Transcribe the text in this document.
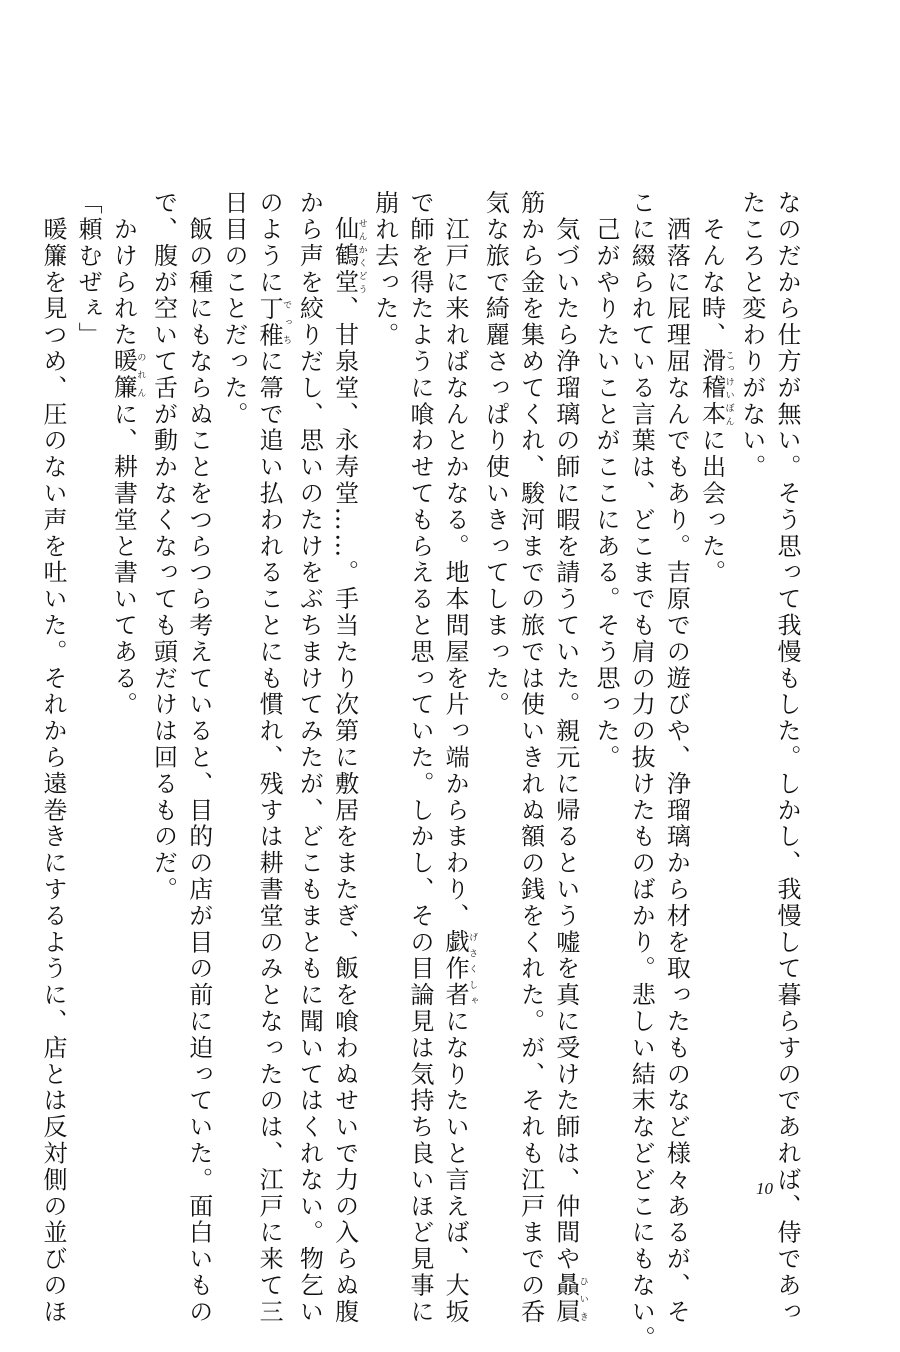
なのだから仕方が無い。そう思って我慢もした。しかし、我慢して暮らすのであれば、侍であっ
たころと変わりがない。
　そんな時、滑稽本こっけいぼんに出会った。
　洒落に屁理屈なんでもあり。吉原での遊びや、浄瑠璃から材を取ったものなど様々あるが、そ
こに綴られている言葉は、どこまでも肩の力の抜けたものばかり。悲しい結末などどこにもない。
　己がやりたいことがここにある。そう思った。
　気づいたら浄瑠璃の師に暇を請うていた。親元に帰るという嘘を真に受けた師は、仲間や贔屓ひいき
筋から金を集めてくれ、駿河までの旅では使いきれぬ額の銭をくれた。が、それも江戸までの呑
気な旅で綺麗さっぱり使いきってしまった。
　江戸に来ればなんとかなる。地本問屋を片っ端からまわり、戯作者げさくしゃになりたいと言えば、大坂
で師を得たように喰わせてもらえると思っていた。しかし、その目論見は気持ち良いほど見事に
崩れ去った。
　仙鶴堂せんかくどう、甘泉堂、永寿堂……。手当たり次第に敷居をまたぎ、飯を喰わぬせいで力の入らぬ腹
から声を絞りだし、思いのたけをぶちまけてみたが、どこもまともに聞いてはくれない。物乞い
のように丁稚でっちに箒で追い払われることにも慣れ、残すは耕書堂のみとなったのは、江戸に来て三
日目のことだった。
　飯の種にもならぬことをつらつら考えていると、目的の店が目の前に迫っていた。面白いもの
で、腹が空いて舌が動かなくなっても頭だけは回るものだ。
　かけられた暖簾のれんに、耕書堂と書いてある。
「頼むぜぇ」
　暖簾を見つめ、圧のない声を吐いた。それから遠巻きにするように、店とは反対側の並びのほ	10
